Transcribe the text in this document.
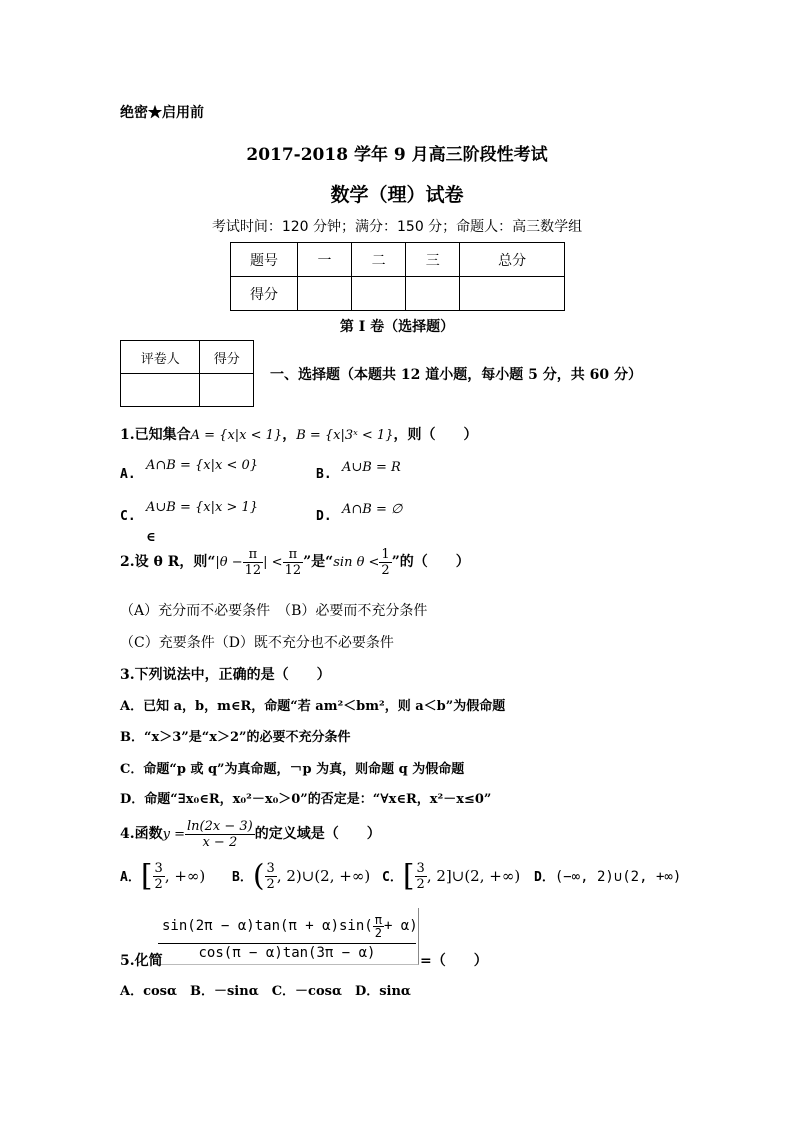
绝密★启用前
2017-2018 学年 9 月高三阶段性考试
数学（理）试卷
考试时间：120 分钟；满分：150 分；命题人：高三数学组
题号	一	二	三	总分
得分				
第 I 卷（选择题）
评卷人	得分

一、选择题（本题共 12 道小题，每小题 5 分，共 60 分）
1.已知集合A = {x|x < 1}，B = {x|3ˣ < 1}，则（　　）
A.
A∩B = {x|x < 0}
B. A∪B = R
C.
A∪B = {x|x > 1}
D. A∩B = ∅
∈
2.设 θ R，则“$|\theta - \frac{\pi}{12}$ | < $\frac{\pi}{12}$ ”是“sin $\theta < \frac{1}{2}$ ”的（　　）
（A）充分而不必要条件　（B）必要而不充分条件
（C）充要条件（D）既不充分也不必要条件
3.下列说法中，正确的是（　　）
A．已知 a，b，m∈R，命题“若 am²＜bm²，则 a＜b”为假命题
B．“x＞3”是“x＞2”的必要不充分条件
C．命题“p 或 q”为真命题，￢p 为真，则命题 q 为假命题
D．命题“∃x₀∈R，x₀²－x₀＞0”的否定是：“∀x∈R，x²－x≤0”
4.函数$y = \frac{\ln(2x - 3)}{x - 2}$ 的定义域是（　　）
A．[ $\frac{3}{2}$ , +∞) B．( $\frac{3}{2}$ , 2)∪(2, +∞) C．[ $\frac{3}{2}$ , 2]∪(2, +∞) D．(−∞, 2)∪(2, +∞)
$\sin(2\pi - \alpha)\tan(\pi + \alpha)\sin( \frac{\pi}{2} + \alpha)$
cos(π − α)tan(3π − α)
5.化简	=（　　）
A．cosα　B．－sinα　C．－cosα　D．sinα
